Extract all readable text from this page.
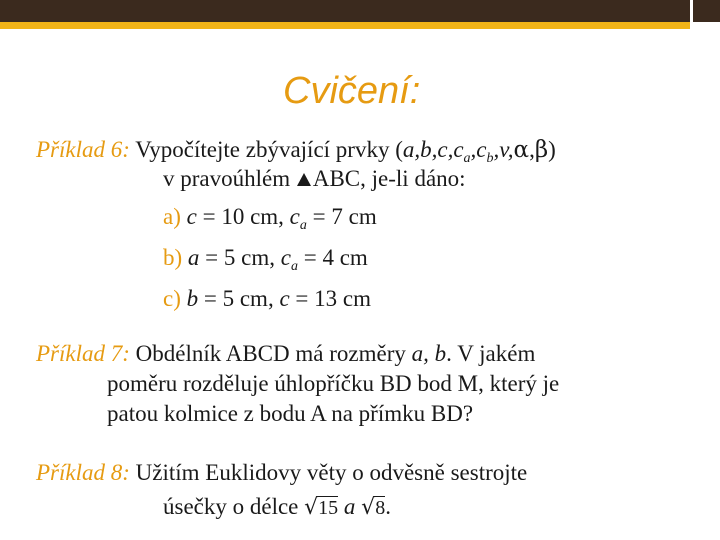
Cvičení:
Příklad 6: Vypočítejte zbývající prvky $(a,b,c,c_a,c_b,v,\alpha,\beta)$
v pravoúhlém ABC, je-li dáno:
a) c = 10 cm, $c_a = 7$ cm
b) a = 5 cm, $c_a = 4$ cm
c) b = 5 cm, c = 13 cm
Příklad 7: Obdélník ABCD má rozměry a, b. V jakém
poměru rozděluje úhlopříčku BD bod M, který je
patou kolmice z bodu A na přímku BD?
Příklad 8: Užitím Euklidovy věty o odvěsně sestrojte
úsečky o délce √15 a √8.
